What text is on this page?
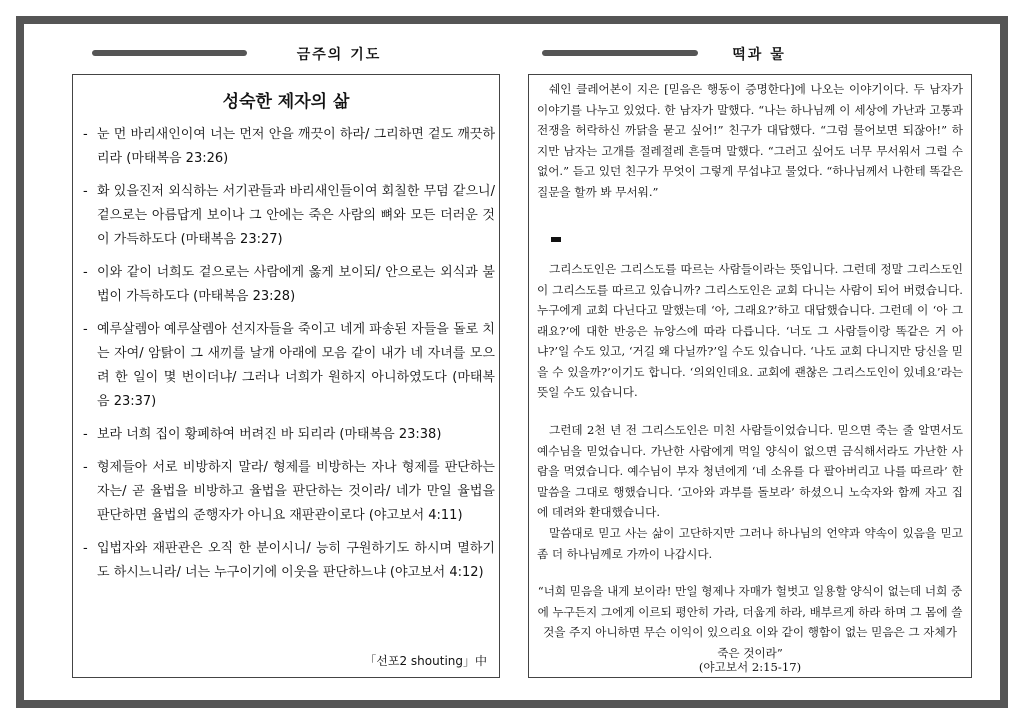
금주의 기도
성숙한 제자의 삶
- 눈 먼 바리새인이여 너는 먼저 안을 깨끗이 하라/ 그리하면 겉도 깨끗하리라 (마태복음 23:26)
- 화 있을진저 외식하는 서기관들과 바리새인들이여 회칠한 무덤 같으니/ 겉으로는 아름답게 보이나 그 안에는 죽은 사람의 뼈와 모든 더러운 것이 가득하도다 (마태복음 23:27)
- 이와 같이 너희도 겉으로는 사람에게 옳게 보이되/ 안으로는 외식과 불법이 가득하도다 (마태복음 23:28)
- 예루살렘아 예루살렘아 선지자들을 죽이고 네게 파송된 자들을 돌로 치는 자여/ 암탉이 그 새끼를 날개 아래에 모음 같이 내가 네 자녀를 모으려 한 일이 몇 번이더냐/ 그러나 너희가 원하지 아니하였도다 (마태복음 23:37)
- 보라 너희 집이 황폐하여 버려진 바 되리라 (마태복음 23:38)
- 형제들아 서로 비방하지 말라/ 형제를 비방하는 자나 형제를 판단하는 자는/ 곧 율법을 비방하고 율법을 판단하는 것이라/ 네가 만일 율법을 판단하면 율법의 준행자가 아니요 재판관이로다 (야고보서 4:11)
- 입법자와 재판관은 오직 한 분이시니/ 능히 구원하기도 하시며 멸하기도 하시느니라/ 너는 누구이기에 이웃을 판단하느냐 (야고보서 4:12)
「선포2 shouting」中
떡과 물

쉐인 클레어본이 지은 [믿음은 행동이 증명한다]에 나오는 이야기이다. 두 남자가 이야기를 나누고 있었다. 한 남자가 말했다. “나는 하나님께 이 세상에 가난과 고통과 전쟁을 허락하신 까닭을 묻고 싶어!” 친구가 대답했다. “그럼 물어보면 되잖아!” 하지만 남자는 고개를 절레절레 흔들며 말했다. “그러고 싶어도 너무 무서워서 그럴 수 없어.” 듣고 있던 친구가 무엇이 그렇게 무섭냐고 물었다. “하나님께서 나한테 똑같은 질문을 할까 봐 무서워.”

그리스도인은 그리스도를 따르는 사람들이라는 뜻입니다. 그런데 정말 그리스도인이 그리스도를 따르고 있습니까? 그리스도인은 교회 다니는 사람이 되어 버렸습니다. 누구에게 교회 다닌다고 말했는데 ‘아, 그래요?’하고 대답했습니다. 그런데 이 ‘아 그래요?’에 대한 반응은 뉴앙스에 따라 다릅니다. ‘너도 그 사람들이랑 똑같은 거 아냐?’일 수도 있고, ‘거길 왜 다닐까?’일 수도 있습니다. ‘나도 교회 다니지만 당신을 믿을 수 있을까?’이기도 합니다. ‘의외인데요. 교회에 괜찮은 그리스도인이 있네요’라는 뜻일 수도 있습니다.

그런데 2천 년 전 그리스도인은 미친 사람들이었습니다. 믿으면 죽는 줄 알면서도 예수님을 믿었습니다. 가난한 사람에게 먹일 양식이 없으면 금식해서라도 가난한 사람을 먹였습니다. 예수님이 부자 청년에게 ‘네 소유를 다 팔아버리고 나를 따르라’ 한 말씀을 그대로 행했습니다. ‘고아와 과부를 돌보라’ 하셨으니 노숙자와 함께 자고 집에 데려와 환대했습니다.

말씀대로 믿고 사는 삶이 고단하지만 그러나 하나님의 언약과 약속이 있음을 믿고 좀 더 하나님께로 가까이 나갑시다.

“너희 믿음을 내게 보이라! 만일 형제나 자매가 헐벗고 일용할 양식이 없는데 너희 중에 누구든지 그에게 이르되 평안히 가라, 더웁게 하라, 배부르게 하라 하며 그 몸에 쓸 것을 주지 아니하면 무슨 이익이 있으리요 이와 같이 행함이 없는 믿음은 그 자체가 죽은 것이라”

(야고보서 2:15-17)
